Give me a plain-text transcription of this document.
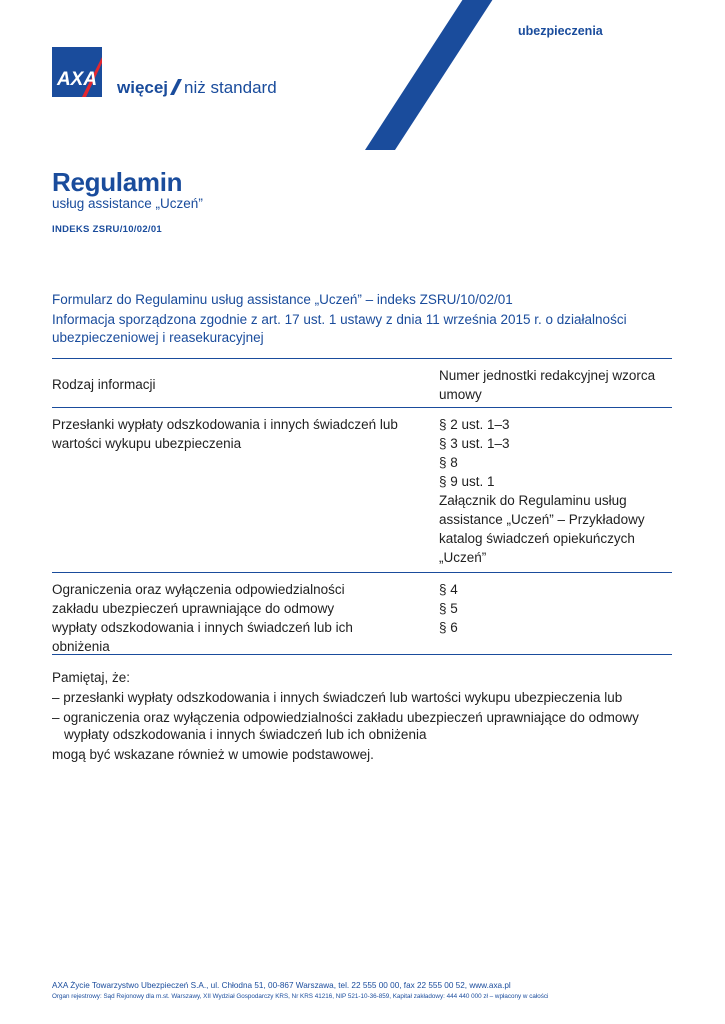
ubezpieczenia
AXA więcej niż standard
Regulamin
usług assistance „Uczeń”
INDEKS ZSRU/10/02/01
Formularz do Regulaminu usług assistance „Uczeń” – indeks ZSRU/10/02/01
Informacja sporządzona zgodnie z art. 17 ust. 1 ustawy z dnia 11 września 2015 r. o działalności ubezpieczeniowej i reasekuracyjnej
Rodzaj informacji
Numer jednostki redakcyjnej wzorca umowy
Przesłanki wypłaty odszkodowania i innych świadczeń lub wartości wykupu ubezpieczenia
§ 2 ust. 1–3
§ 3 ust. 1–3
§ 8
§ 9 ust. 1
Załącznik do Regulaminu usług assistance „Uczeń” – Przykładowy katalog świadczeń opiekuńczych „Uczeń”
Ograniczenia oraz wyłączenia odpowiedzialności zakładu ubezpieczeń uprawniające do odmowy wypłaty odszkodowania i innych świadczeń lub ich obniżenia
§ 4
§ 5
§ 6
Pamiętaj, że:
– przesłanki wypłaty odszkodowania i innych świadczeń lub wartości wykupu ubezpieczenia lub
– ograniczenia oraz wyłączenia odpowiedzialności zakładu ubezpieczeń uprawniające do odmowy wypłaty odszkodowania i innych świadczeń lub ich obniżenia
mogą być wskazane również w umowie podstawowej.
AXA Życie Towarzystwo Ubezpieczeń S.A., ul. Chłodna 51, 00-867 Warszawa, tel. 22 555 00 00, fax 22 555 00 52, www.axa.pl
Organ rejestrowy: Sąd Rejonowy dla m.st. Warszawy, XII Wydział Gospodarczy KRS, Nr KRS 41216, NIP 521-10-36-859, Kapitał zakładowy: 444 440 000 zł – wpłacony w całości
